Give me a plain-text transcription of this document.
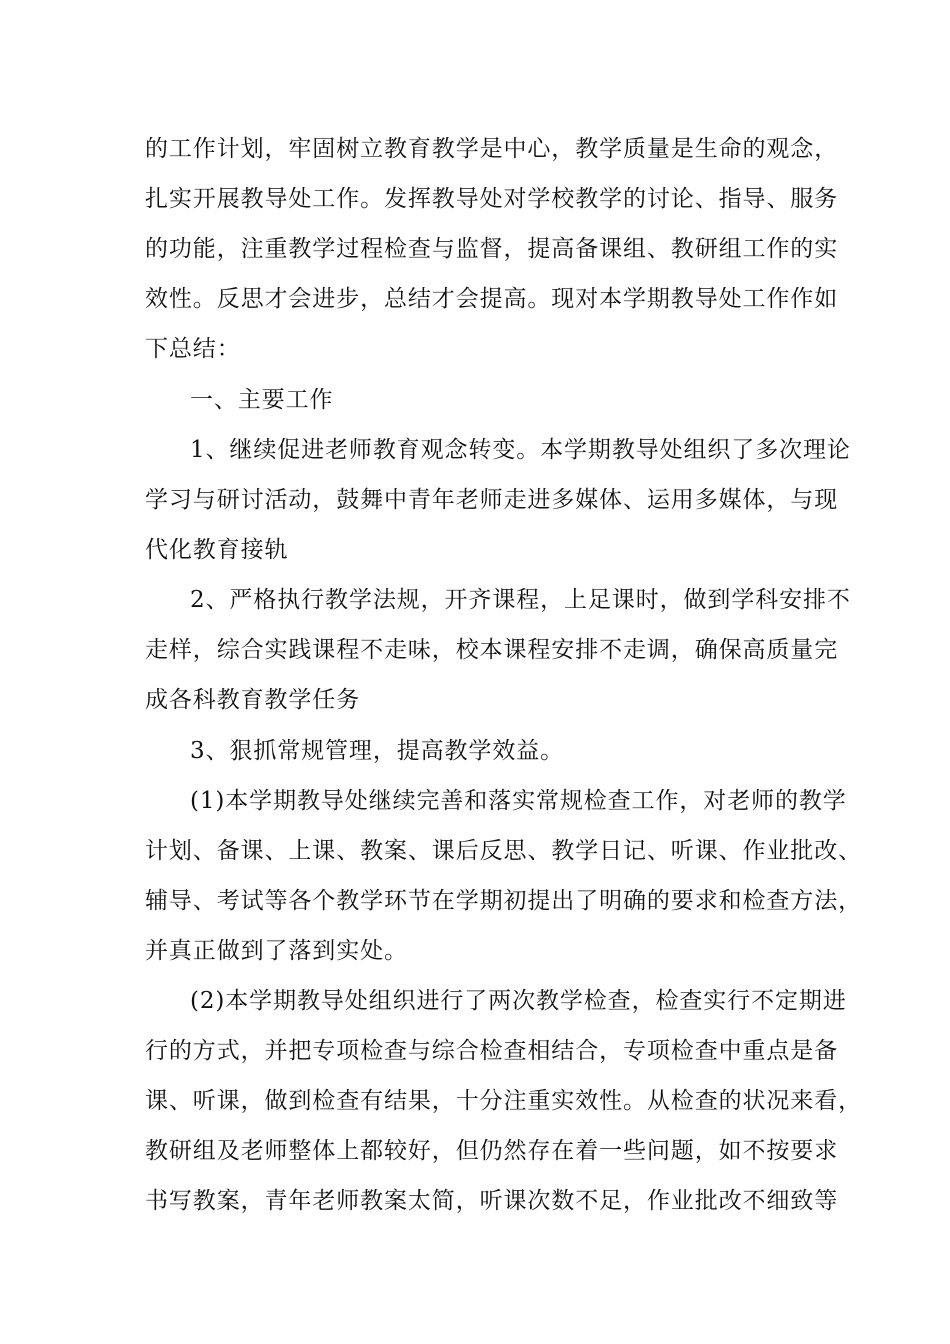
的工作计划，牢固树立教育教学是中心，教学质量是生命的观念，
扎实开展教导处工作。发挥教导处对学校教学的讨论、指导、服务
的功能，注重教学过程检查与监督，提高备课组、教研组工作的实
效性。反思才会进步，总结才会提高。现对本学期教导处工作作如
下总结：
一、主要工作
1、继续促进老师教育观念转变。本学期教导处组织了多次理论
学习与研讨活动，鼓舞中青年老师走进多媒体、运用多媒体，与现
代化教育接轨
2、严格执行教学法规，开齐课程，上足课时，做到学科安排不
走样，综合实践课程不走味，校本课程安排不走调，确保高质量完
成各科教育教学任务
3、狠抓常规管理，提高教学效益。
(1)本学期教导处继续完善和落实常规检查工作，对老师的教学
计划、备课、上课、教案、课后反思、教学日记、听课、作业批改、
辅导、考试等各个教学环节在学期初提出了明确的要求和检查方法，
并真正做到了落到实处。
(2)本学期教导处组织进行了两次教学检查，检查实行不定期进
行的方式，并把专项检查与综合检查相结合，专项检查中重点是备
课、听课，做到检查有结果，十分注重实效性。从检查的状况来看，
教研组及老师整体上都较好，但仍然存在着一些问题，如不按要求
书写教案，青年老师教案太简，听课次数不足，作业批改不细致等
